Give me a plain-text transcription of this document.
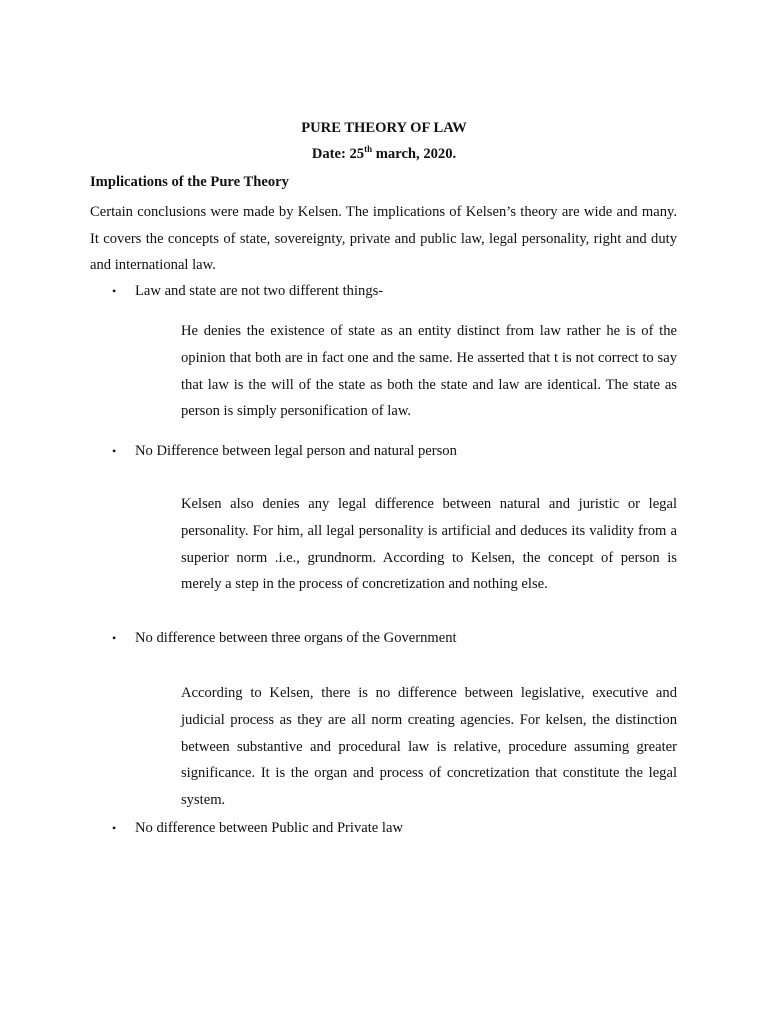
PURE THEORY OF LAW
Date: 25th march, 2020.
Implications of the Pure Theory

Certain conclusions were made by Kelsen. The implications of Kelsen’s theory are wide and many. It covers the concepts of state, sovereignty, private and public law, legal personality, right and duty and international law.

•	Law and state are not two different things-

He denies the existence of state as an entity distinct from law rather he is of the opinion that both are in fact one and the same. He asserted that t is not correct to say that law is the will of the state as both the state and law are identical. The state as person is simply personification of law.

•	No Difference between legal person and natural person

Kelsen also denies any legal difference between natural and juristic or legal personality. For him, all legal personality is artificial and deduces its validity from a superior norm .i.e., grundnorm. According to Kelsen, the concept of person is merely a step in the process of concretization and nothing else.

•	No difference between three organs of the Government

According to Kelsen, there is no difference between legislative, executive and judicial process as they are all norm creating agencies. For kelsen, the distinction between substantive and procedural law is relative, procedure assuming greater significance. It is the organ and process of concretization that constitute the legal system.

•	No difference between Public and Private law
